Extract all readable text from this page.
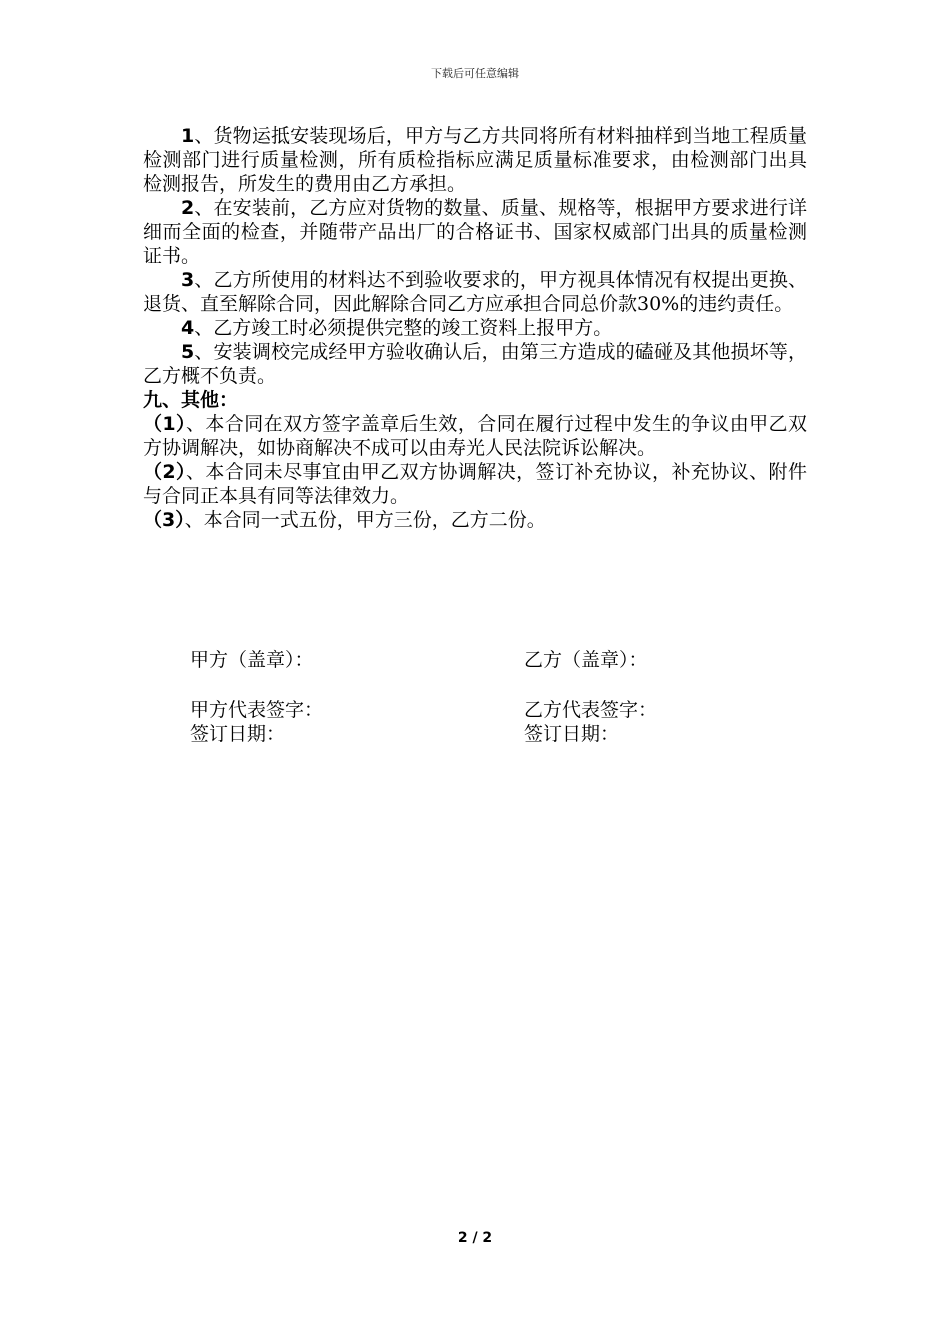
下载后可任意编辑

1、货物运抵安装现场后，甲方与乙方共同将所有材料抽样到当地工程质量检测部门进行质量检测，所有质检指标应满足质量标准要求，由检测部门出具检测报告，所发生的费用由乙方承担。

2、在安装前，乙方应对货物的数量、质量、规格等，根据甲方要求进行详细而全面的检查，并随带产品出厂的合格证书、国家权威部门出具的质量检测证书。

3、乙方所使用的材料达不到验收要求的，甲方视具体情况有权提出更换、退货、直至解除合同，因此解除合同乙方应承担合同总价款30%的违约责任。

4、乙方竣工时必须提供完整的竣工资料上报甲方。

5、安装调校完成经甲方验收确认后，由第三方造成的磕碰及其他损坏等，乙方概不负责。

九、其他：

（1）、本合同在双方签字盖章后生效，合同在履行过程中发生的争议由甲乙双方协调解决，如协商解决不成可以由寿光人民法院诉讼解决。

（2）、本合同未尽事宜由甲乙双方协调解决，签订补充协议，补充协议、附件与合同正本具有同等法律效力。

（3）、本合同一式五份，甲方三份，乙方二份。

甲方（盖章）：	乙方（盖章）：
甲方代表签字：	乙方代表签字：
签订日期：	签订日期：
2 / 2
